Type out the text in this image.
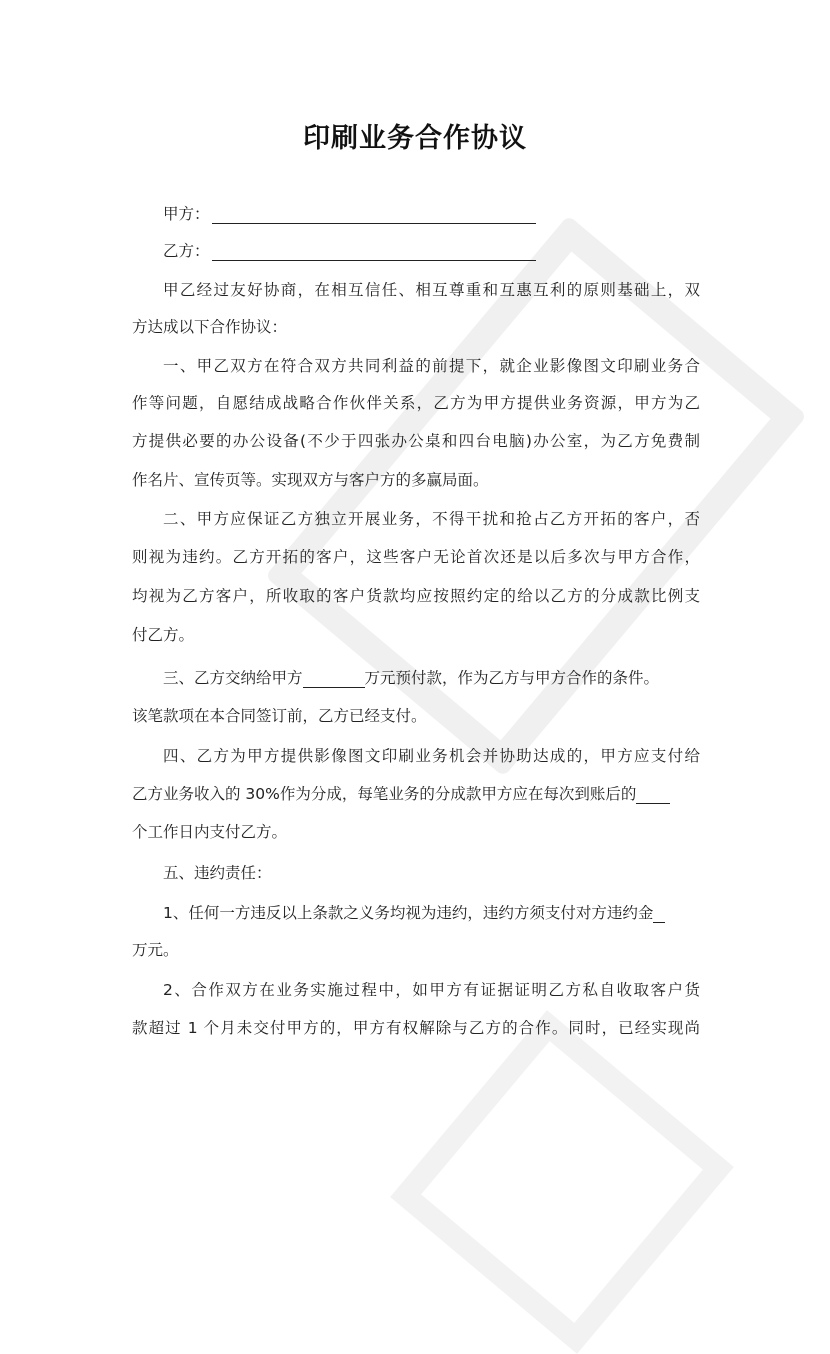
印刷业务合作协议
甲方：
乙方：
甲乙经过友好协商，在相互信任、相互尊重和互惠互利的原则基础上，双
方达成以下合作协议：
一、甲乙双方在符合双方共同利益的前提下，就企业影像图文印刷业务合
作等问题，自愿结成战略合作伙伴关系，乙方为甲方提供业务资源，甲方为乙
方提供必要的办公设备(不少于四张办公桌和四台电脑)办公室，为乙方免费制
作名片、宣传页等。实现双方与客户方的多赢局面。
二、甲方应保证乙方独立开展业务，不得干扰和抢占乙方开拓的客户，否
则视为违约。乙方开拓的客户，这些客户无论首次还是以后多次与甲方合作，
均视为乙方客户，所收取的客户货款均应按照约定的给以乙方的分成款比例支
付乙方。
三、乙方交纳给甲方	万元预付款，作为乙方与甲方合作的条件。
该笔款项在本合同签订前，乙方已经支付。
四、乙方为甲方提供影像图文印刷业务机会并协助达成的，甲方应支付给
乙方业务收入的 30%作为分成，每笔业务的分成款甲方应在每次到账后的
个工作日内支付乙方。
五、违约责任：
1、任何一方违反以上条款之义务均视为违约，违约方须支付对方违约金
万元。
2、合作双方在业务实施过程中，如甲方有证据证明乙方私自收取客户货
款超过 1 个月未交付甲方的，甲方有权解除与乙方的合作。同时，已经实现尚
